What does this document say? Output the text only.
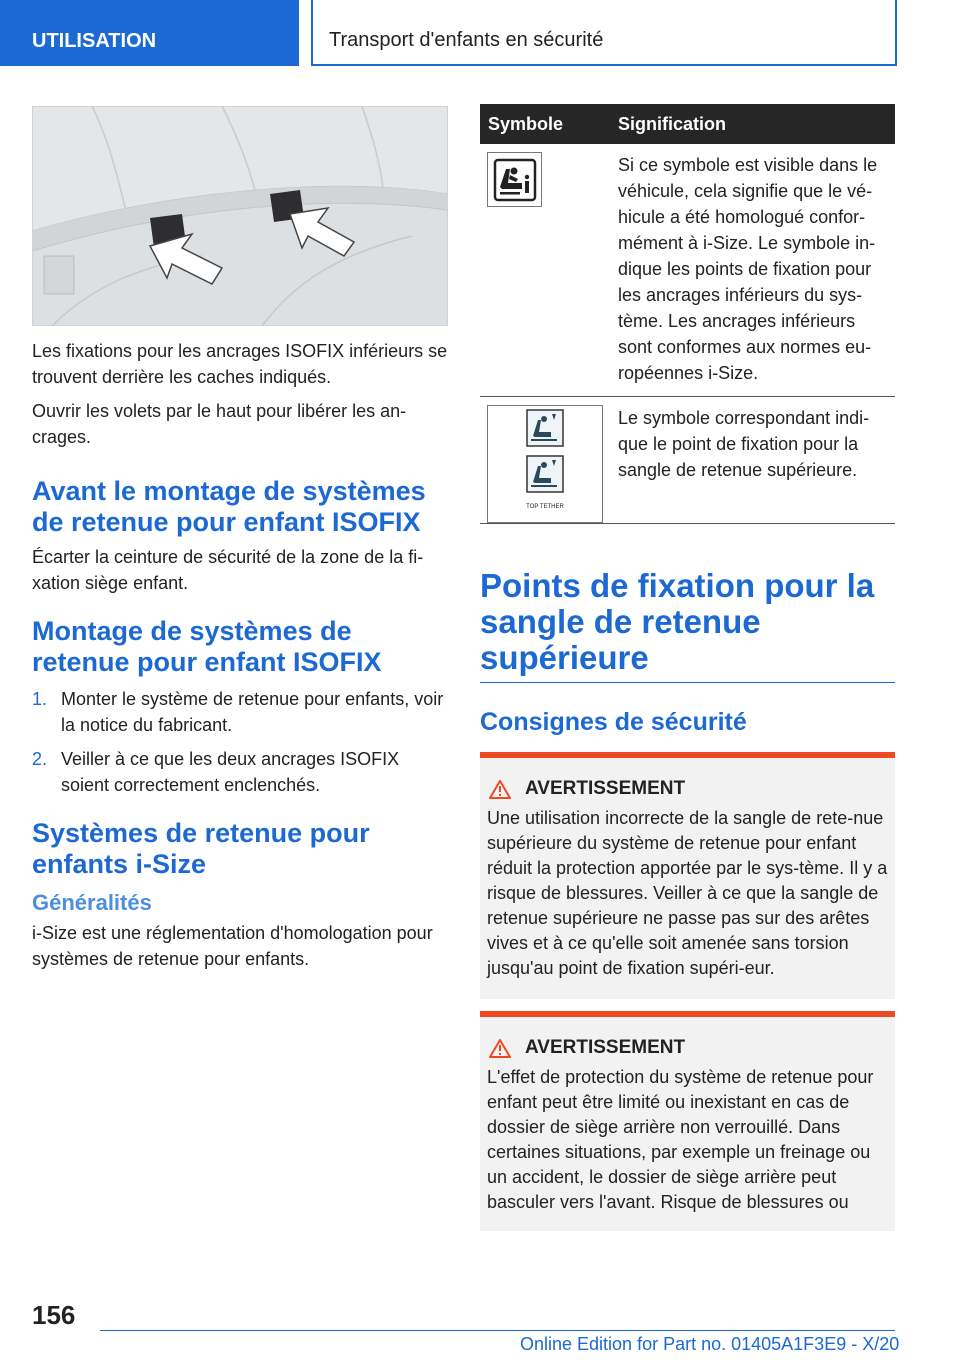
UTILISATION	Transport d'enfants en sécurité

Les fixations pour les ancrages ISOFIX inférieurs se trouvent derrière les caches indiqués.

Ouvrir les volets par le haut pour libérer les an-crages.

Avant le montage de systèmes de retenue pour enfant ISOFIX

Écarter la ceinture de sécurité de la zone de la fi-xation siège enfant.

Montage de systèmes de retenue pour enfant ISOFIX
1. Monter le système de retenue pour enfants, voir la notice du fabricant.
2. Veiller à ce que les deux ancrages ISOFIX soient correctement enclenchés.
Systèmes de retenue pour enfants i-Size
Généralités

i-Size est une réglementation d'homologation pour systèmes de retenue pour enfants.

Symbole	Signification

	Si ce symbole est visible dans le véhicule, cela signifie que le vé-hicule a été homologué confor-mément à i-Size. Le symbole in-dique les points de fixation pour les ancrages inférieurs du sys-tème. Les ancrages inférieurs sont conformes aux normes eu-ropéennes i-Size.

TOP TETHER	Le symbole correspondant indi-que le point de fixation pour la sangle de retenue supérieure.
Points de fixation pour la sangle de retenue supérieure
Consignes de sécurité
AVERTISSEMENT

Une utilisation incorrecte de la sangle de rete-nue supérieure du système de retenue pour enfant réduit la protection apportée par le sys-tème. Il y a risque de blessures. Veiller à ce que la sangle de retenue supérieure ne passe pas sur des arêtes vives et à ce qu'elle soit amenée sans torsion jusqu'au point de fixation supéri-eur.

AVERTISSEMENT

L'effet de protection du système de retenue pour enfant peut être limité ou inexistant en cas de dossier de siège arrière non verrouillé. Dans certaines situations, par exemple un freinage ou un accident, le dossier de siège arrière peut basculer vers l'avant. Risque de blessures ou

156
Online Edition for Part no. 01405A1F3E9 - X/20
